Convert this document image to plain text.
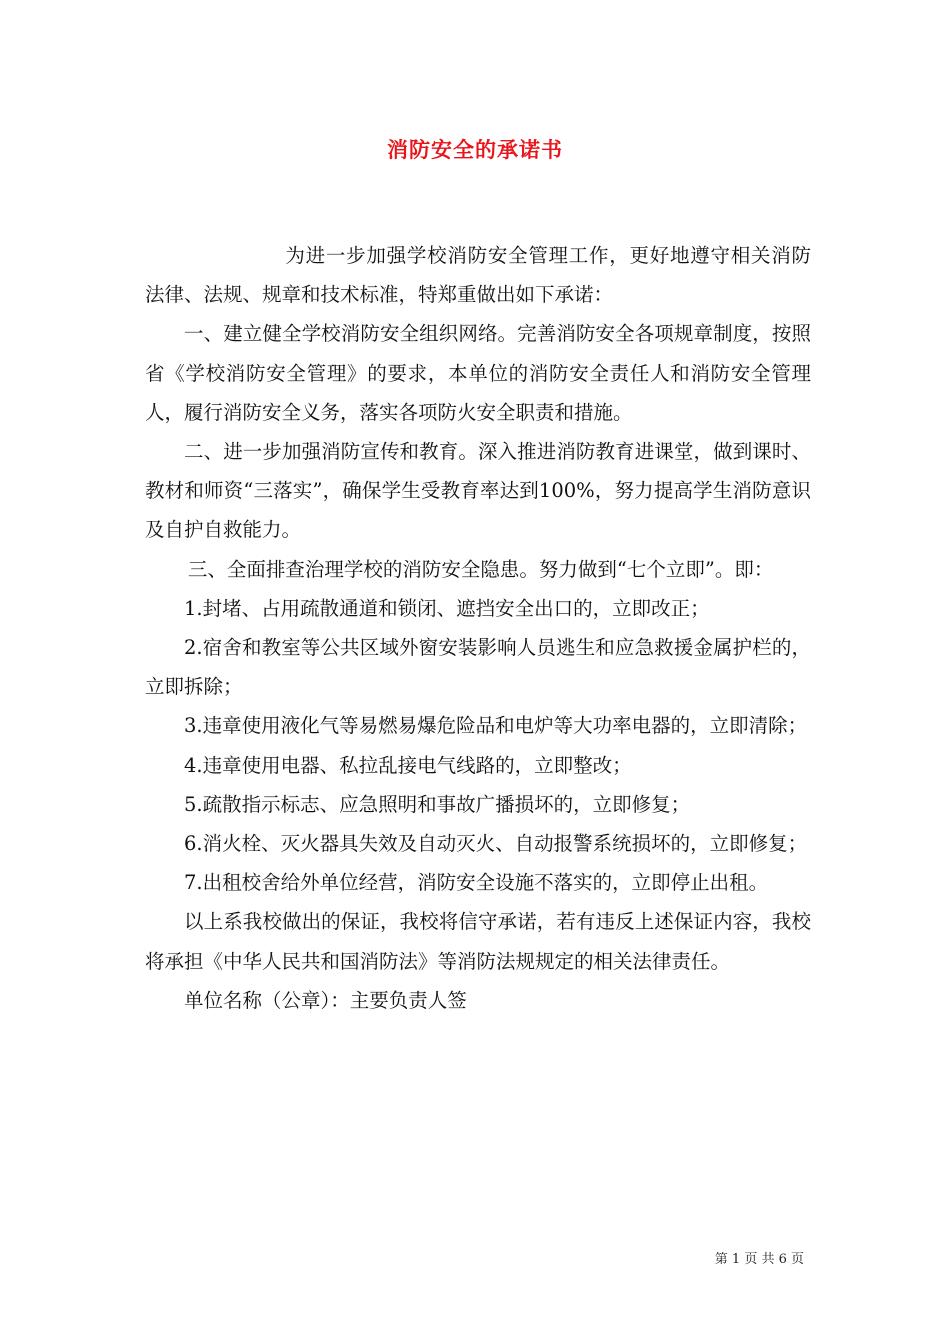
消防安全的承诺书

为进一步加强学校消防安全管理工作，更好地遵守相关消防法律、法规、规章和技术标准，特郑重做出如下承诺：

一、建立健全学校消防安全组织网络。完善消防安全各项规章制度，按照省《学校消防安全管理》的要求，本单位的消防安全责任人和消防安全管理人，履行消防安全义务，落实各项防火安全职责和措施。

二、进一步加强消防宣传和教育。深入推进消防教育进课堂，做到课时、教材和师资“三落实”，确保学生受教育率达到100%，努力提高学生消防意识及自护自救能力。

三、全面排查治理学校的消防安全隐患。努力做到“七个立即”。即：

1.封堵、占用疏散通道和锁闭、遮挡安全出口的，立即改正；

2.宿舍和教室等公共区域外窗安装影响人员逃生和应急救援金属护栏的，立即拆除；

3.违章使用液化气等易燃易爆危险品和电炉等大功率电器的，立即清除；

4.违章使用电器、私拉乱接电气线路的，立即整改；

5.疏散指示标志、应急照明和事故广播损坏的，立即修复；

6.消火栓、灭火器具失效及自动灭火、自动报警系统损坏的，立即修复；

7.出租校舍给外单位经营，消防安全设施不落实的，立即停止出租。

以上系我校做出的保证，我校将信守承诺，若有违反上述保证内容，我校将承担《中华人民共和国消防法》等消防法规规定的相关法律责任。

单位名称（公章）：主要负责人签

第 1 页 共 6 页
